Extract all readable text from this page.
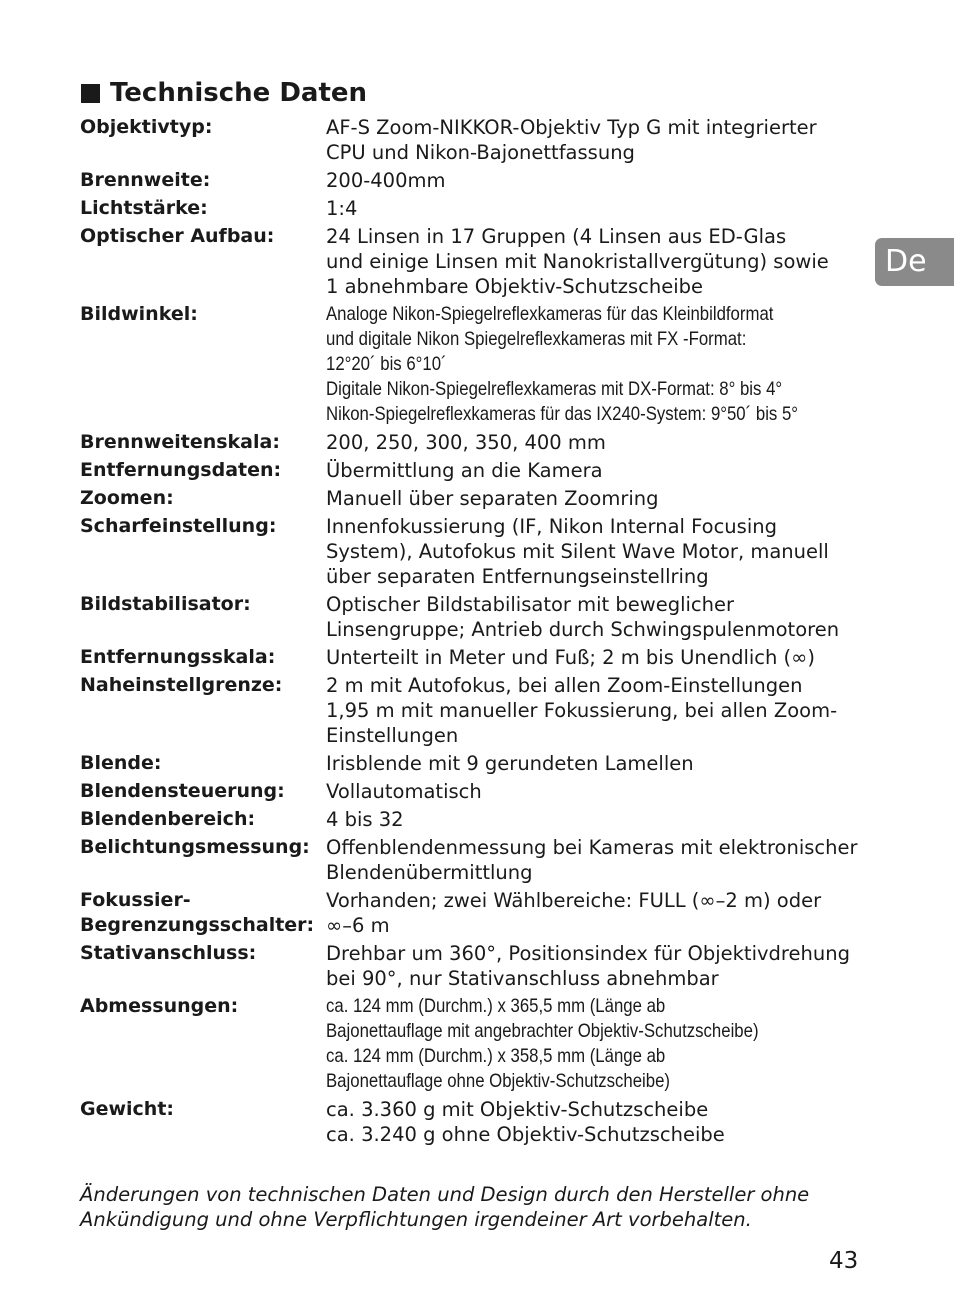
Technische Daten
De
Objektivtyp:	AF-S Zoom-NIKKOR-Objektiv Typ G mit integrierter
CPU und Nikon-Bajonettfassung
Brennweite:	200-400mm
Lichtstärke:	1:4
Optischer Aufbau:	24 Linsen in 17 Gruppen (4 Linsen aus ED-Glas
und einige Linsen mit Nanokristallvergütung) sowie
1 abnehmbare Objektiv-Schutzscheibe
Bildwinkel:	Analoge Nikon-Spiegelreflexkameras für das Kleinbildformat
und digitale Nikon Spiegelreflexkameras mit FX -Format:
12°20´ bis 6°10´
Digitale Nikon-Spiegelreflexkameras mit DX-Format: 8° bis 4°
Nikon-Spiegelreflexkameras für das IX240-System: 9°50´ bis 5°
Brennweitenskala:	200, 250, 300, 350, 400 mm
Entfernungsdaten:	Übermittlung an die Kamera
Zoomen:	Manuell über separaten Zoomring
Scharfeinstellung:	Innenfokussierung (IF, Nikon Internal Focusing
System), Autofokus mit Silent Wave Motor, manuell
über separaten Entfernungseinstellring
Bildstabilisator:	Optischer Bildstabilisator mit beweglicher
Linsengruppe; Antrieb durch Schwingspulenmotoren
Entfernungsskala:	Unterteilt in Meter und Fuß; 2 m bis Unendlich (∞)
Naheinstellgrenze:	2 m mit Autofokus, bei allen Zoom-Einstellungen
1,95 m mit manueller Fokussierung, bei allen Zoom-
Einstellungen
Blende:	Irisblende mit 9 gerundeten Lamellen
Blendensteuerung:	Vollautomatisch
Blendenbereich:	4 bis 32
Belichtungsmessung: Offenblendenmessung bei Kameras mit elektronischer
Blendenübermittlung
Fokussier-
Begrenzungsschalter:
Vorhanden; zwei Wählbereiche: FULL (∞–2 m) oder
∞–6 m
Stativanschluss:	Drehbar um 360°, Positionsindex für Objektivdrehung
bei 90°, nur Stativanschluss abnehmbar
Abmessungen:	ca. 124 mm (Durchm.) x 365,5 mm (Länge ab
Bajonettauflage mit angebrachter Objektiv-Schutzscheibe)
ca. 124 mm (Durchm.) x 358,5 mm (Länge ab
Bajonettauflage ohne Objektiv-Schutzscheibe)
Gewicht:	ca. 3.360 g mit Objektiv-Schutzscheibe
ca. 3.240 g ohne Objektiv-Schutzscheibe
Änderungen von technischen Daten und Design durch den Hersteller ohne
Ankündigung und ohne Verpflichtungen irgendeiner Art vorbehalten.
43
